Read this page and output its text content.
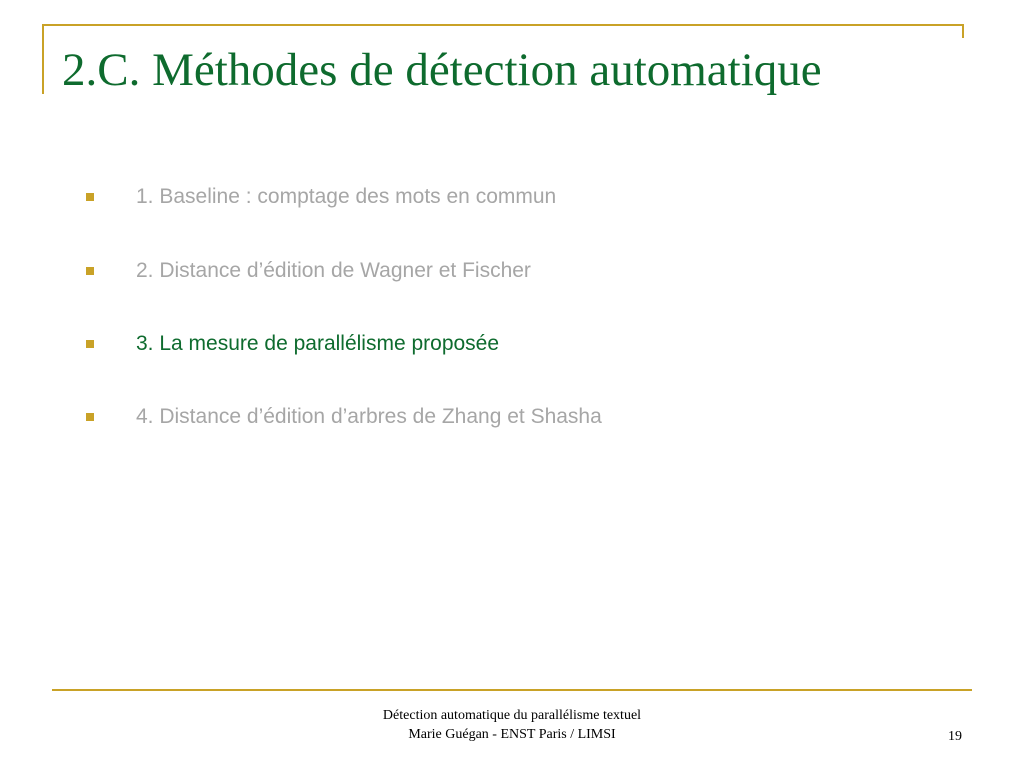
2.C. Méthodes de détection automatique
1. Baseline : comptage des mots en commun
2. Distance d’édition de Wagner et Fischer
3. La mesure de parallélisme proposée
4. Distance d’édition d’arbres de Zhang et Shasha
Détection automatique du parallélisme textuel
Marie Guégan - ENST Paris / LIMSI	19
